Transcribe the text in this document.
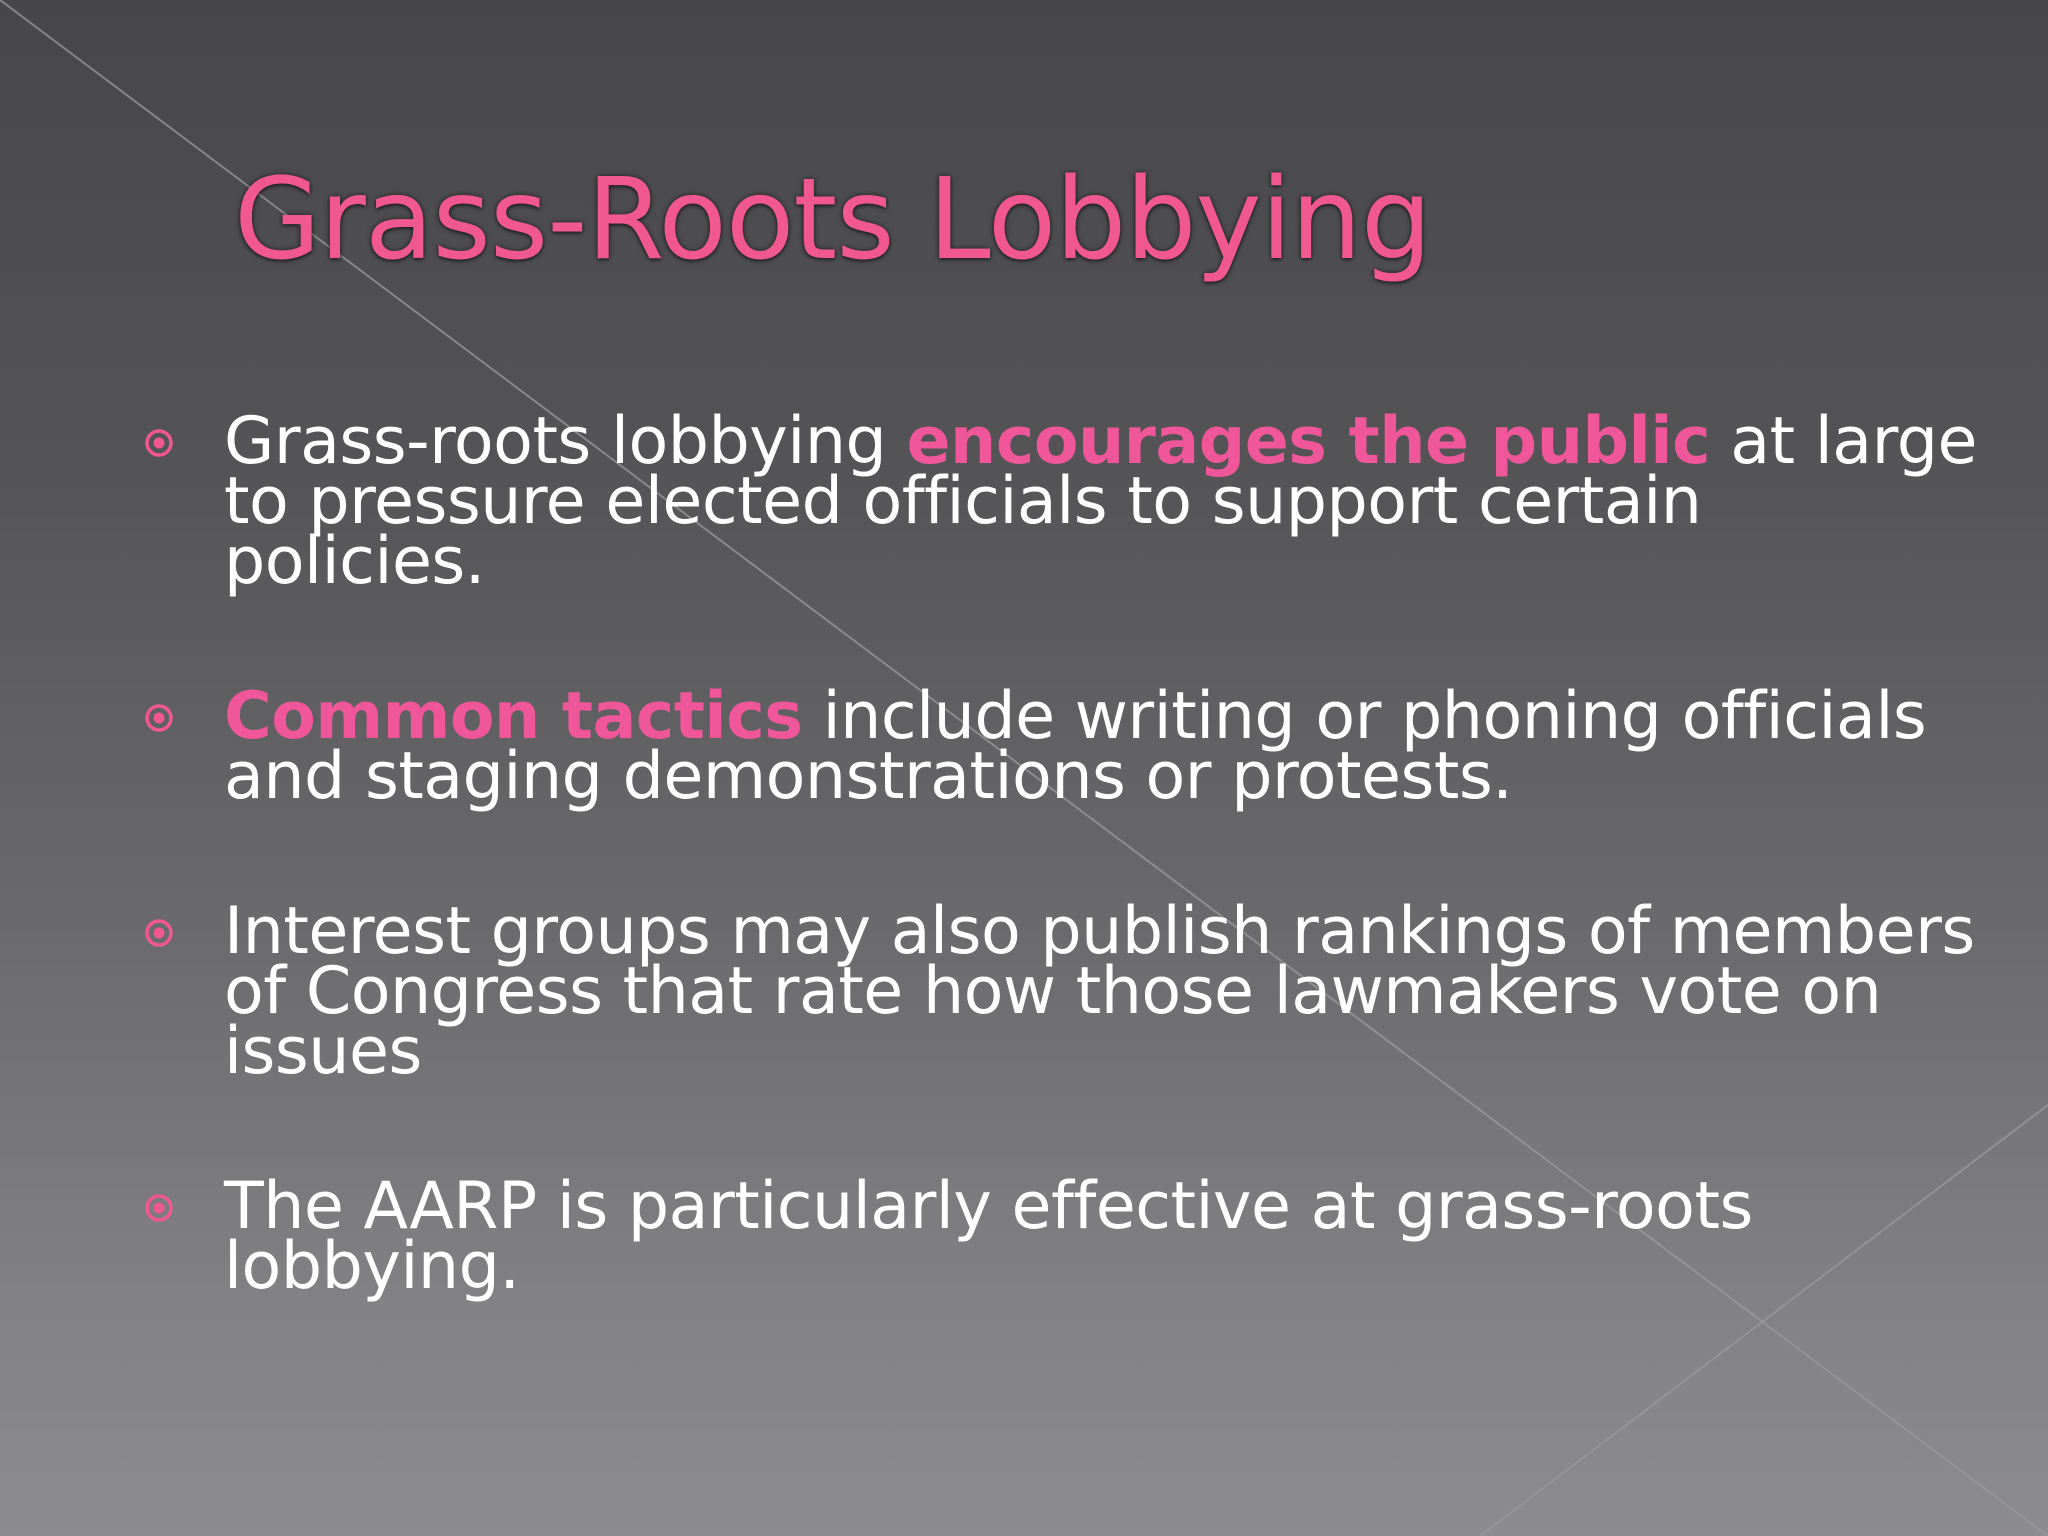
Grass-Roots Lobbying
Grass-roots lobbying encourages the public at large to pressure elected officials to support certain policies.
Common tactics include writing or phoning officials and staging demonstrations or protests.
Interest groups may also publish rankings of members of Congress that rate how those lawmakers vote on issues
The AARP is particularly effective at grass-roots lobbying.
